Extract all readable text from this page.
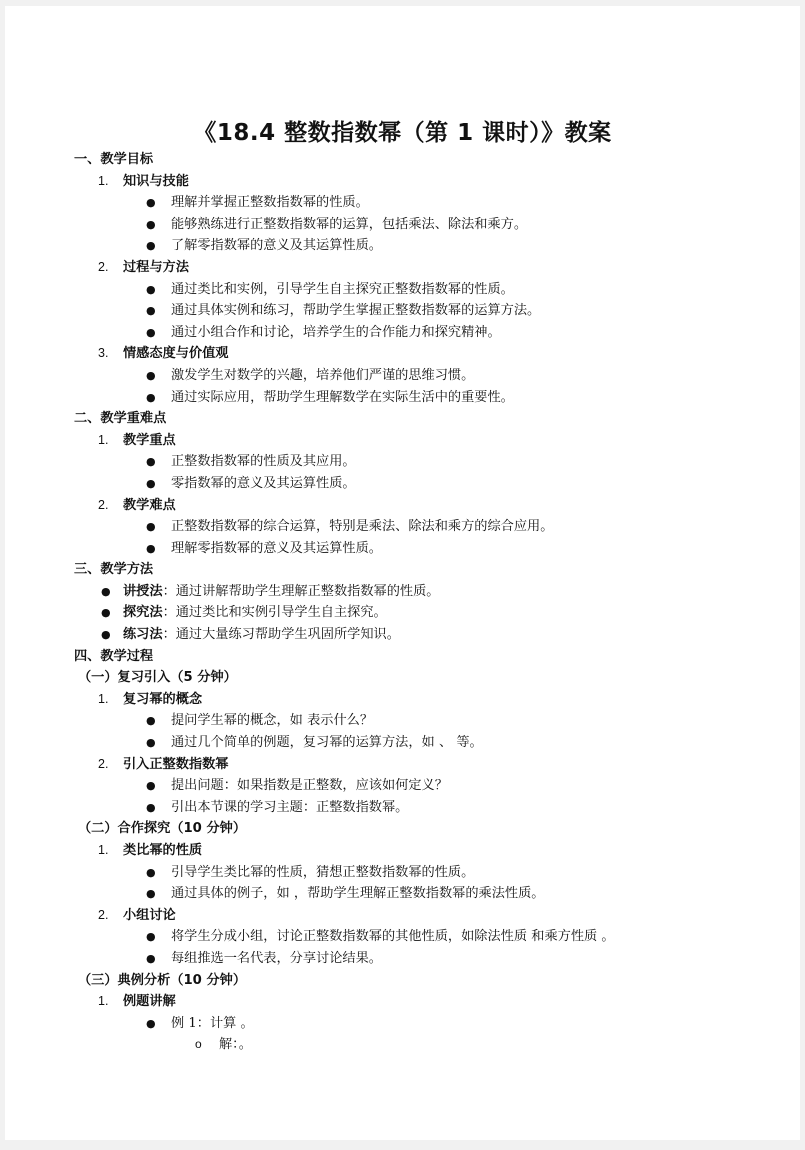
《18.4 整数指数幂（第 1 课时）》教案
一、教学目标
1. 知识与技能
● 理解并掌握正整数指数幂的性质。
● 能够熟练进行正整数指数幂的运算，包括乘法、除法和乘方。
● 了解零指数幂的意义及其运算性质。
2. 过程与方法
● 通过类比和实例，引导学生自主探究正整数指数幂的性质。
● 通过具体实例和练习，帮助学生掌握正整数指数幂的运算方法。
● 通过小组合作和讨论，培养学生的合作能力和探究精神。
3. 情感态度与价值观
● 激发学生对数学的兴趣，培养他们严谨的思维习惯。
● 通过实际应用，帮助学生理解数学在实际生活中的重要性。
二、教学重难点
1. 教学重点
● 正整数指数幂的性质及其应用。
● 零指数幂的意义及其运算性质。
2. 教学难点
● 正整数指数幂的综合运算，特别是乘法、除法和乘方的综合应用。
● 理解零指数幂的意义及其运算性质。
三、教学方法
● 讲授法：通过讲解帮助学生理解正整数指数幂的性质。
● 探究法：通过类比和实例引导学生自主探究。
● 练习法：通过大量练习帮助学生巩固所学知识。
四、教学过程
（一）复习引入（5 分钟）
1. 复习幂的概念
● 提问学生幂的概念，如 表示什么？
● 通过几个简单的例题，复习幂的运算方法，如 、 等。
2. 引入正整数指数幂
● 提出问题：如果指数是正整数，应该如何定义？
● 引出本节课的学习主题：正整数指数幂。
（二）合作探究（10 分钟）
1. 类比幂的性质
● 引导学生类比幂的性质，猜想正整数指数幂的性质。
● 通过具体的例子，如 ，帮助学生理解正整数指数幂的乘法性质。
2. 小组讨论
● 将学生分成小组，讨论正整数指数幂的其他性质，如除法性质 和乘方性质 。
● 每组推选一名代表，分享讨论结果。
（三）典例分析（10 分钟）
1. 例题讲解
● 例 1：计算 。
o 解：。
